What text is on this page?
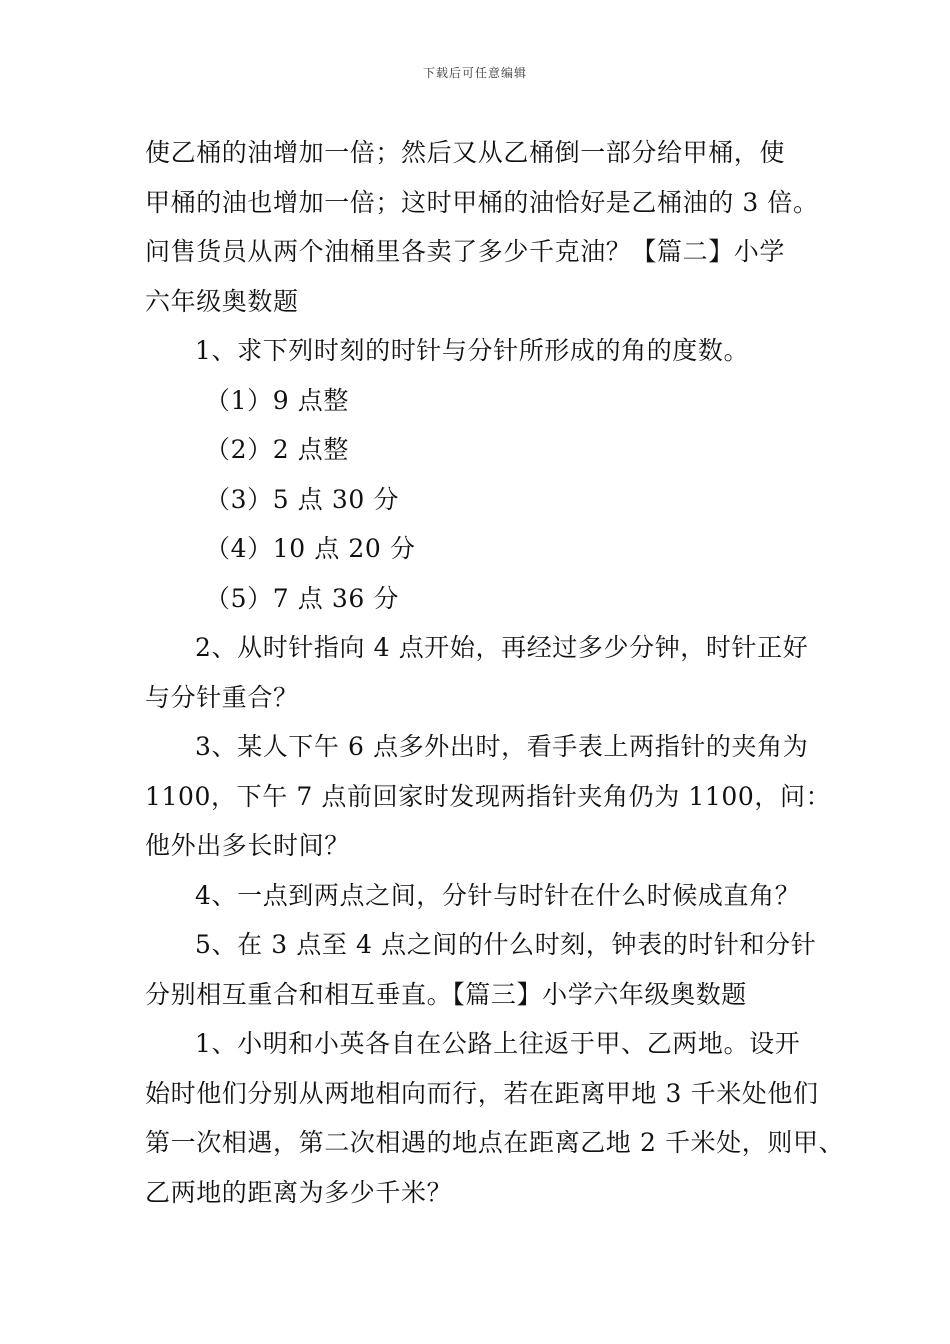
下载后可任意编辑
使乙桶的油增加一倍；然后又从乙桶倒一部分给甲桶，使
甲桶的油也增加一倍；这时甲桶的油恰好是乙桶油的 3 倍。
问售货员从两个油桶里各卖了多少千克油？【篇二】小学
六年级奥数题
1、求下列时刻的时针与分针所形成的角的度数。
（1）9 点整
（2）2 点整
（3）5 点 30 分
（4）10 点 20 分
（5）7 点 36 分
2、从时针指向 4 点开始，再经过多少分钟，时针正好
与分针重合？
3、某人下午 6 点多外出时，看手表上两指针的夹角为
1100，下午 7 点前回家时发现两指针夹角仍为 1100，问：
他外出多长时间？
4、一点到两点之间，分针与时针在什么时候成直角？
5、在 3 点至 4 点之间的什么时刻，钟表的时针和分针
分别相互重合和相互垂直。【篇三】小学六年级奥数题
1、小明和小英各自在公路上往返于甲、乙两地。设开
始时他们分别从两地相向而行，若在距离甲地 3 千米处他们
第一次相遇，第二次相遇的地点在距离乙地 2 千米处，则甲、
乙两地的距离为多少千米？
